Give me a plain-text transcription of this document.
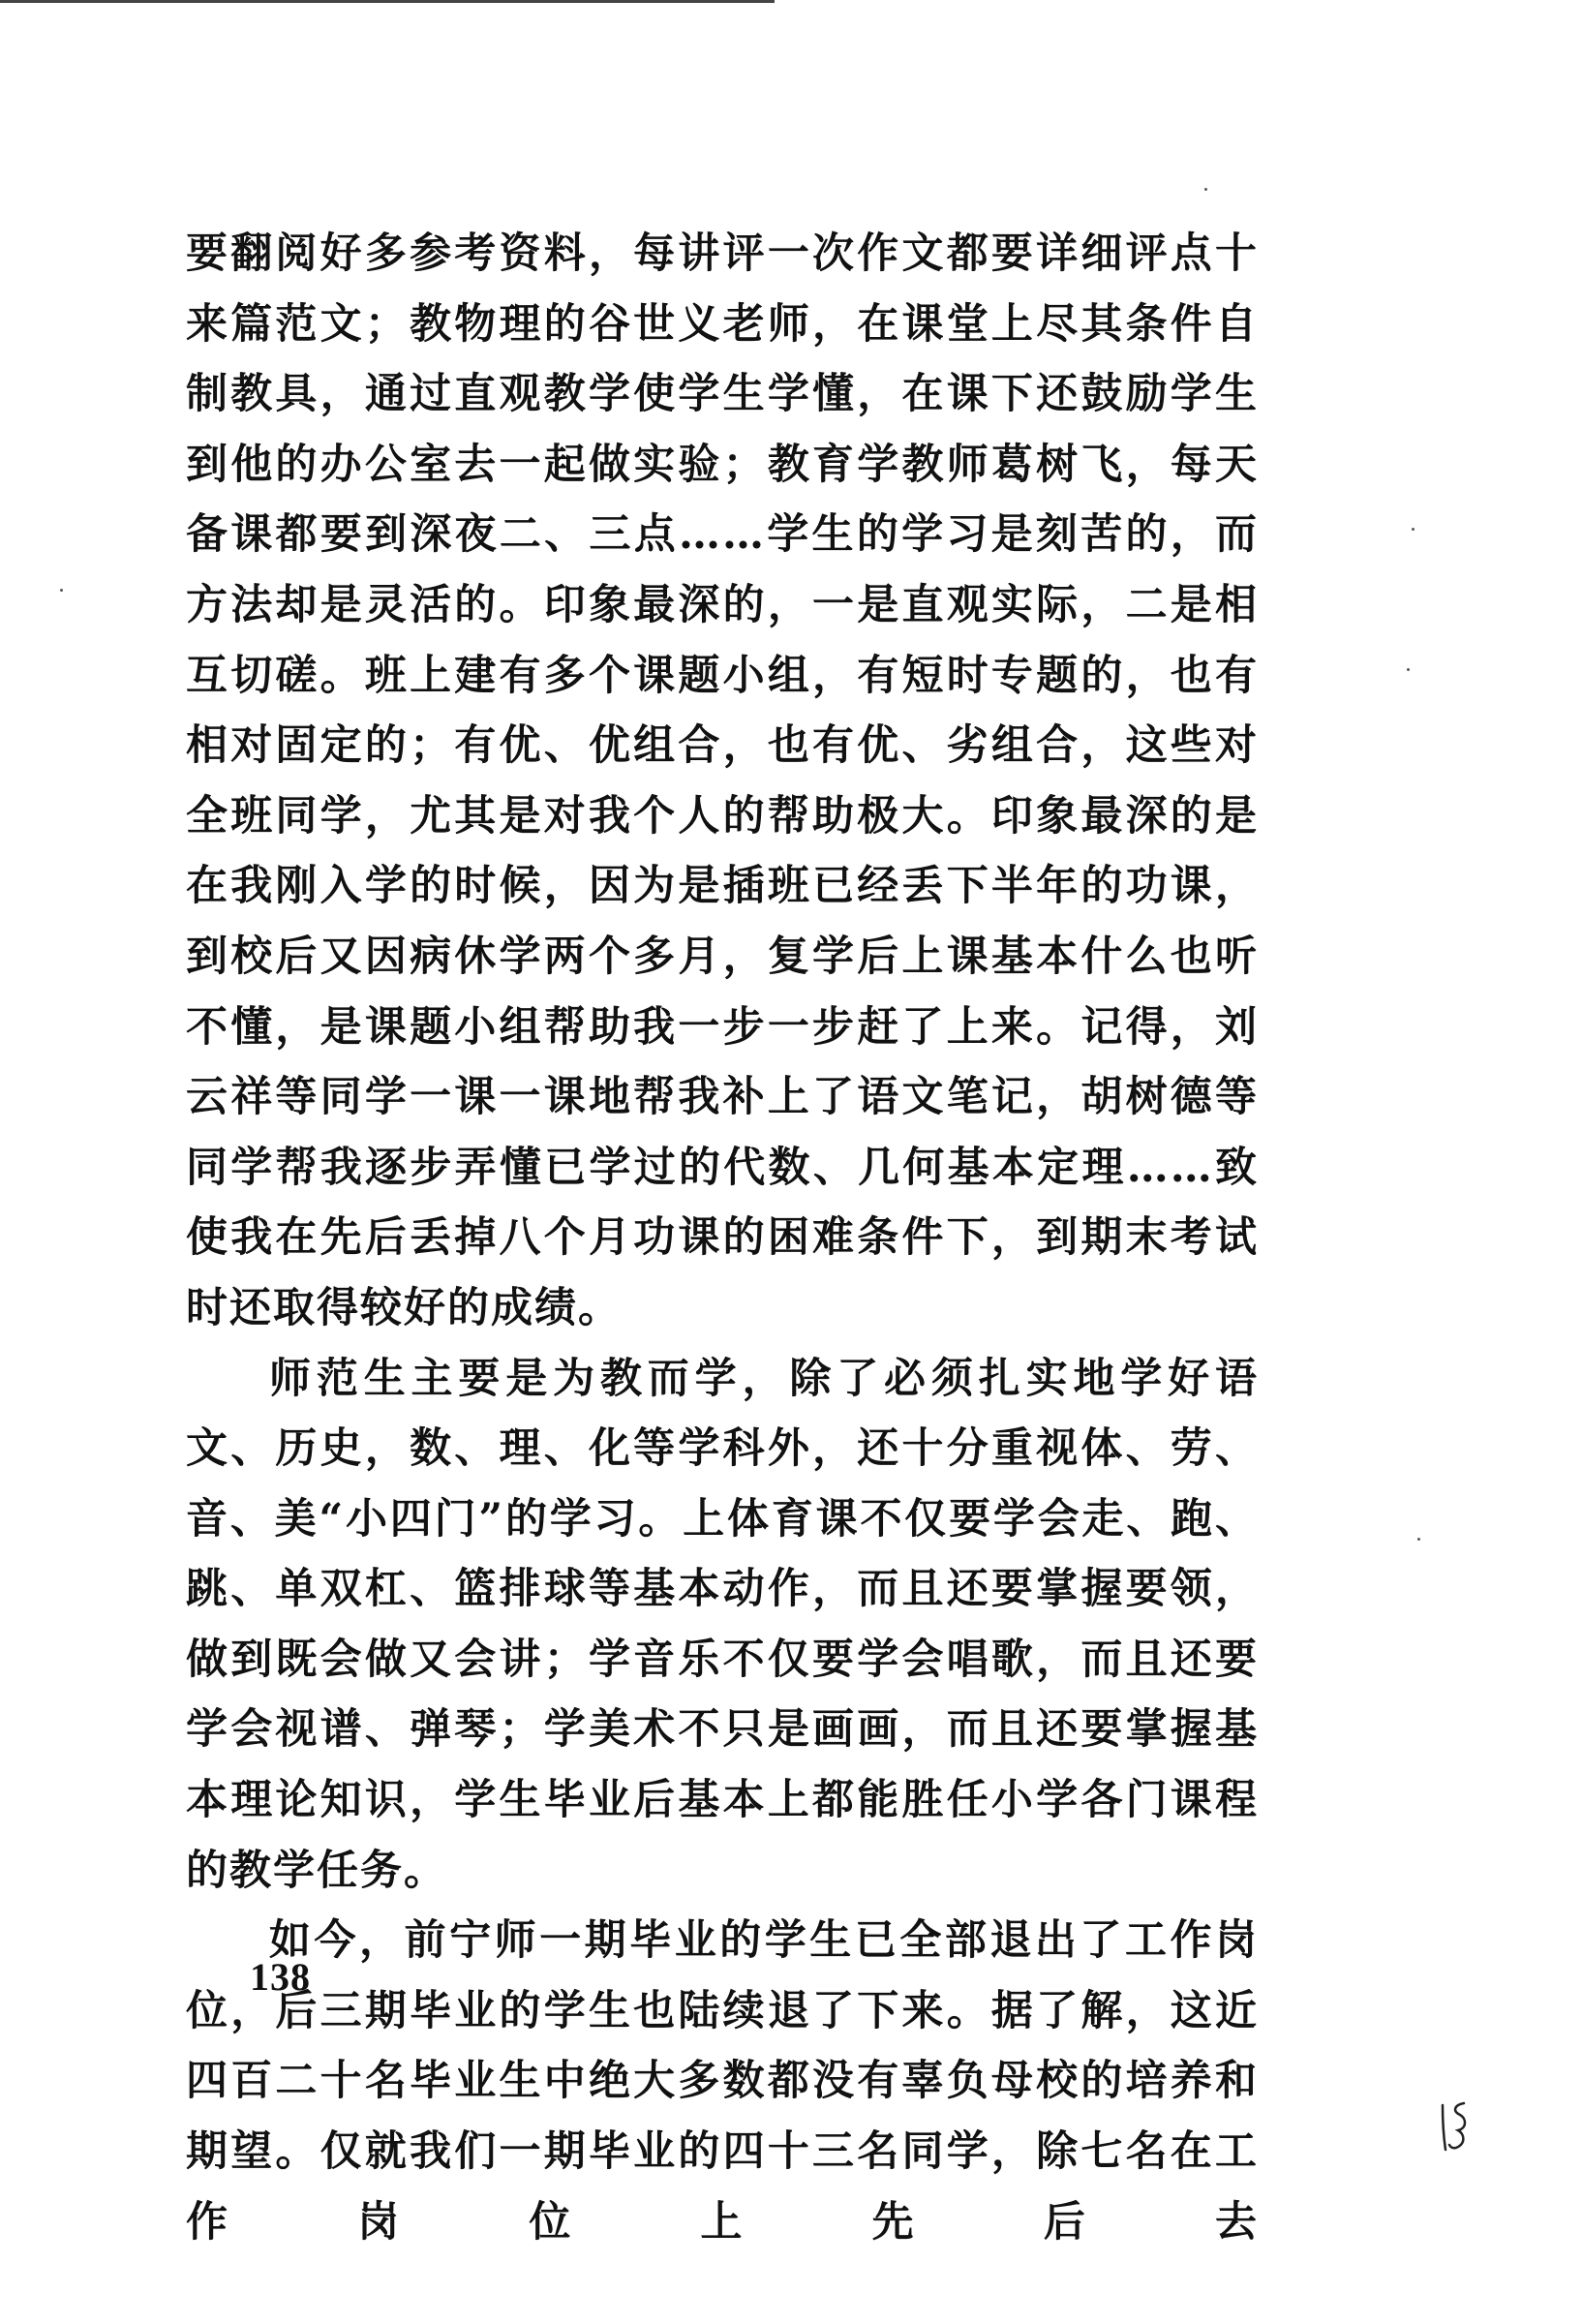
要翻阅好多参考资料，每讲评一次作文都要详细评点十来篇范文；教物理的谷世义老师，在课堂上尽其条件自制教具，通过直观教学使学生学懂，在课下还鼓励学生到他的办公室去一起做实验；教育学教师葛树飞，每天备课都要到深夜二、三点……学生的学习是刻苦的，而方法却是灵活的。印象最深的，一是直观实际，二是相互切磋。班上建有多个课题小组，有短时专题的，也有相对固定的；有优、优组合，也有优、劣组合，这些对全班同学，尤其是对我个人的帮助极大。印象最深的是在我刚入学的时候，因为是插班已经丢下半年的功课，到校后又因病休学两个多月，复学后上课基本什么也听不懂，是课题小组帮助我一步一步赶了上来。记得，刘云祥等同学一课一课地帮我补上了语文笔记，胡树德等同学帮我逐步弄懂已学过的代数、几何基本定理……致使我在先后丢掉八个月功课的困难条件下，到期末考试时还取得较好的成绩。

师范生主要是为教而学，除了必须扎实地学好语文、历史，数、理、化等学科外，还十分重视体、劳、音、美“小四门”的学习。上体育课不仅要学会走、跑、跳、单双杠、篮排球等基本动作，而且还要掌握要领，做到既会做又会讲；学音乐不仅要学会唱歌，而且还要学会视谱、弹琴；学美术不只是画画，而且还要掌握基本理论知识，学生毕业后基本上都能胜任小学各门课程的教学任务。

如今，前宁师一期毕业的学生已全部退出了工作岗位，后三期毕业的学生也陆续退了下来。据了解，这近四百二十名毕业生中绝大多数都没有辜负母校的培养和期望。仅就我们一期毕业的四十三名同学，除七名在工作岗位上先后去

138
